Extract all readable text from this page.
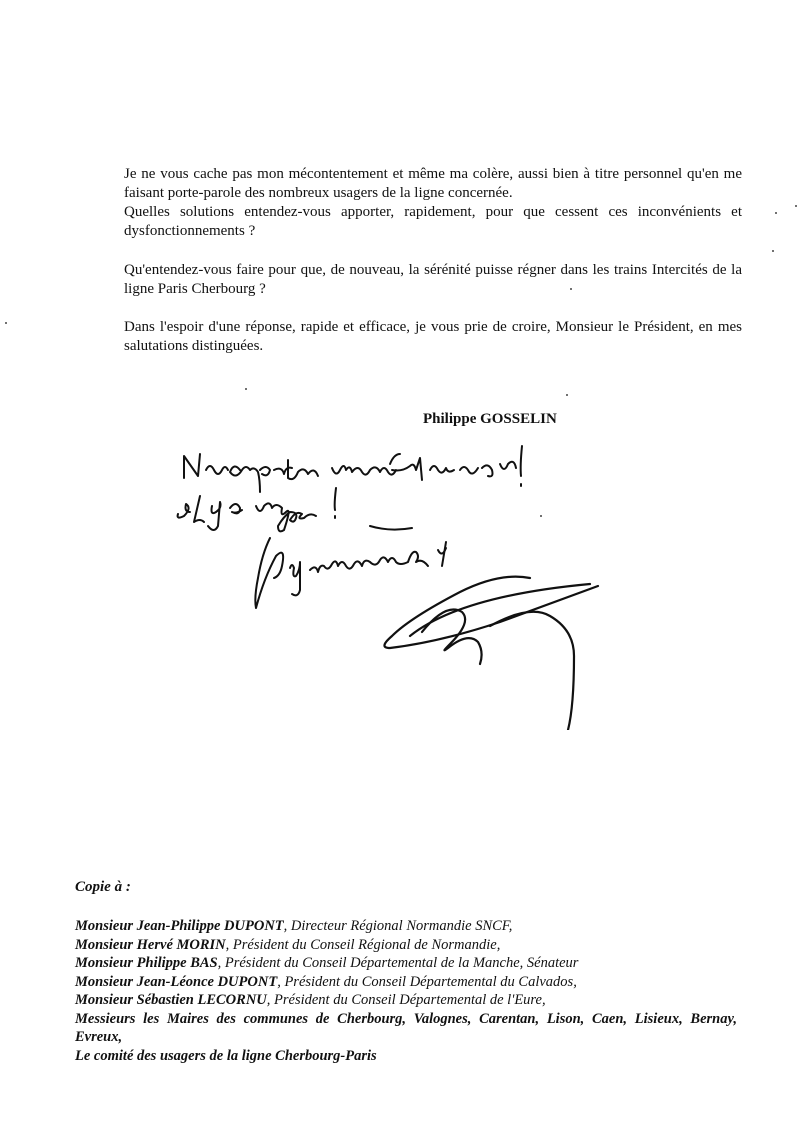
Je ne vous cache pas mon mécontentement et même ma colère, aussi bien à titre personnel qu'en me faisant porte-parole des nombreux usagers de la ligne concernée.

Quelles solutions entendez-vous apporter, rapidement, pour que cessent ces inconvénients et dysfonctionnements ?

Qu'entendez-vous faire pour que, de nouveau, la sérénité puisse régner dans les trains Intercités de la ligne Paris Cherbourg ?

Dans l'espoir d'une réponse, rapide et efficace, je vous prie de croire, Monsieur le Président, en mes salutations distinguées.

Philippe GOSSELIN

Copie à :

Monsieur Jean-Philippe DUPONT, Directeur Régional Normandie SNCF,
Monsieur Hervé MORIN, Président du Conseil Régional de Normandie,
Monsieur Philippe BAS, Président du Conseil Départemental de la Manche, Sénateur
Monsieur Jean-Léonce DUPONT, Président du Conseil Départemental du Calvados,
Monsieur Sébastien LECORNU, Président du Conseil Départemental de l'Eure,
Messieurs les Maires des communes de Cherbourg, Valognes, Carentan, Lison, Caen, Lisieux, Bernay, Evreux,
Le comité des usagers de la ligne Cherbourg-Paris
